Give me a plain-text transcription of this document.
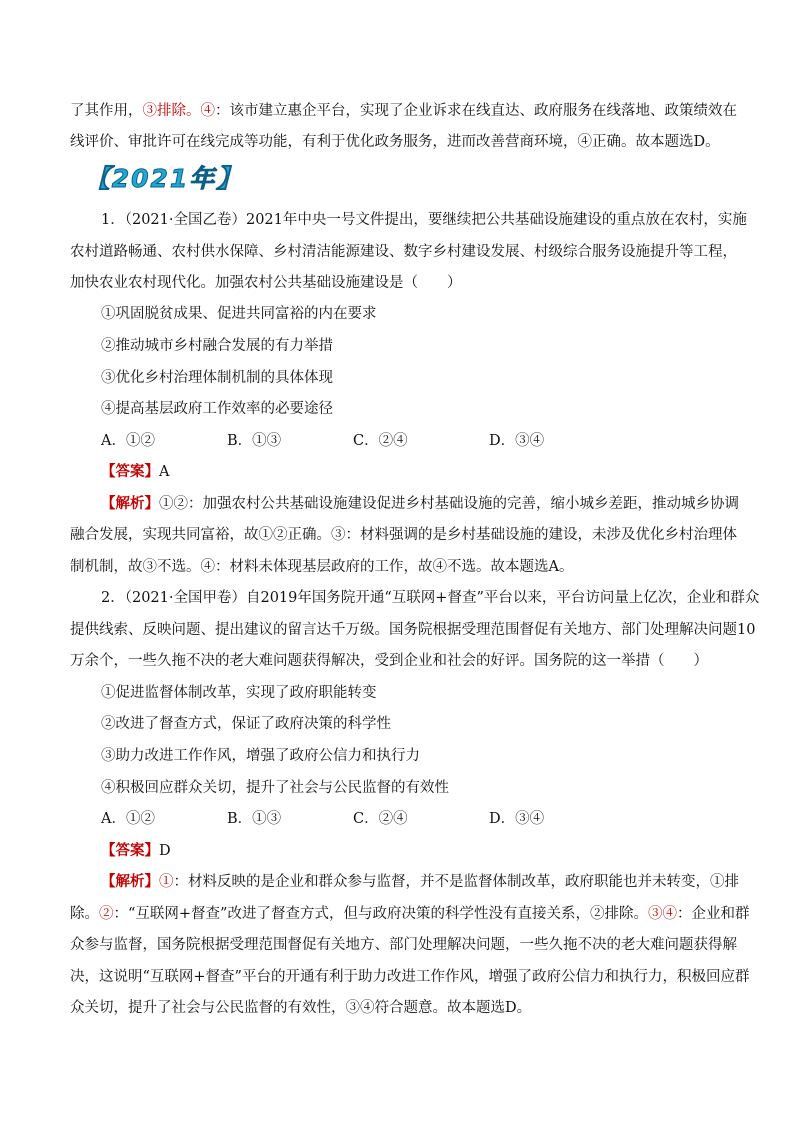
了其作用，③排除。④：该市建立惠企平台，实现了企业诉求在线直达、政府服务在线落地、政策绩效在
线评价、审批许可在线完成等功能，有利于优化政务服务，进而改善营商环境，④正确。故本题选D。
【2021年】
1．（2021·全国乙卷）2021年中央一号文件提出，要继续把公共基础设施建设的重点放在农村，实施
农村道路畅通、农村供水保障、乡村清洁能源建设、数字乡村建设发展、村级综合服务设施提升等工程，
加快农业农村现代化。加强农村公共基础设施建设是（　　）
①巩固脱贫成果、促进共同富裕的内在要求
②推动城市乡村融合发展的有力举措
③优化乡村治理体制机制的具体体现
④提高基层政府工作效率的必要途径
A．①②	B．①③	C．②④	D．③④
【答案】A
【解析】①②：加强农村公共基础设施建设促进乡村基础设施的完善，缩小城乡差距，推动城乡协调
融合发展，实现共同富裕，故①②正确。③：材料强调的是乡村基础设施的建设，未涉及优化乡村治理体
制机制，故③不选。④：材料未体现基层政府的工作，故④不选。故本题选A。
2．（2021·全国甲卷）自2019年国务院开通“互联网+督查”平台以来，平台访问量上亿次，企业和群众
提供线索、反映问题、提出建议的留言达千万级。国务院根据受理范围督促有关地方、部门处理解决问题10
万余个，一些久拖不决的老大难问题获得解决，受到企业和社会的好评。国务院的这一举措（　　）
①促进监督体制改革，实现了政府职能转变
②改进了督查方式，保证了政府决策的科学性
③助力改进工作作风，增强了政府公信力和执行力
④积极回应群众关切，提升了社会与公民监督的有效性
A．①②	B．①③	C．②④	D．③④
【答案】D
【解析】①：材料反映的是企业和群众参与监督，并不是监督体制改革，政府职能也并未转变，①排
除。②：“互联网+督查”改进了督查方式，但与政府决策的科学性没有直接关系，②排除。③④：企业和群
众参与监督，国务院根据受理范围督促有关地方、部门处理解决问题，一些久拖不决的老大难问题获得解
决，这说明“互联网+督查”平台的开通有利于助力改进工作作风，增强了政府公信力和执行力，积极回应群
众关切，提升了社会与公民监督的有效性，③④符合题意。故本题选D。
